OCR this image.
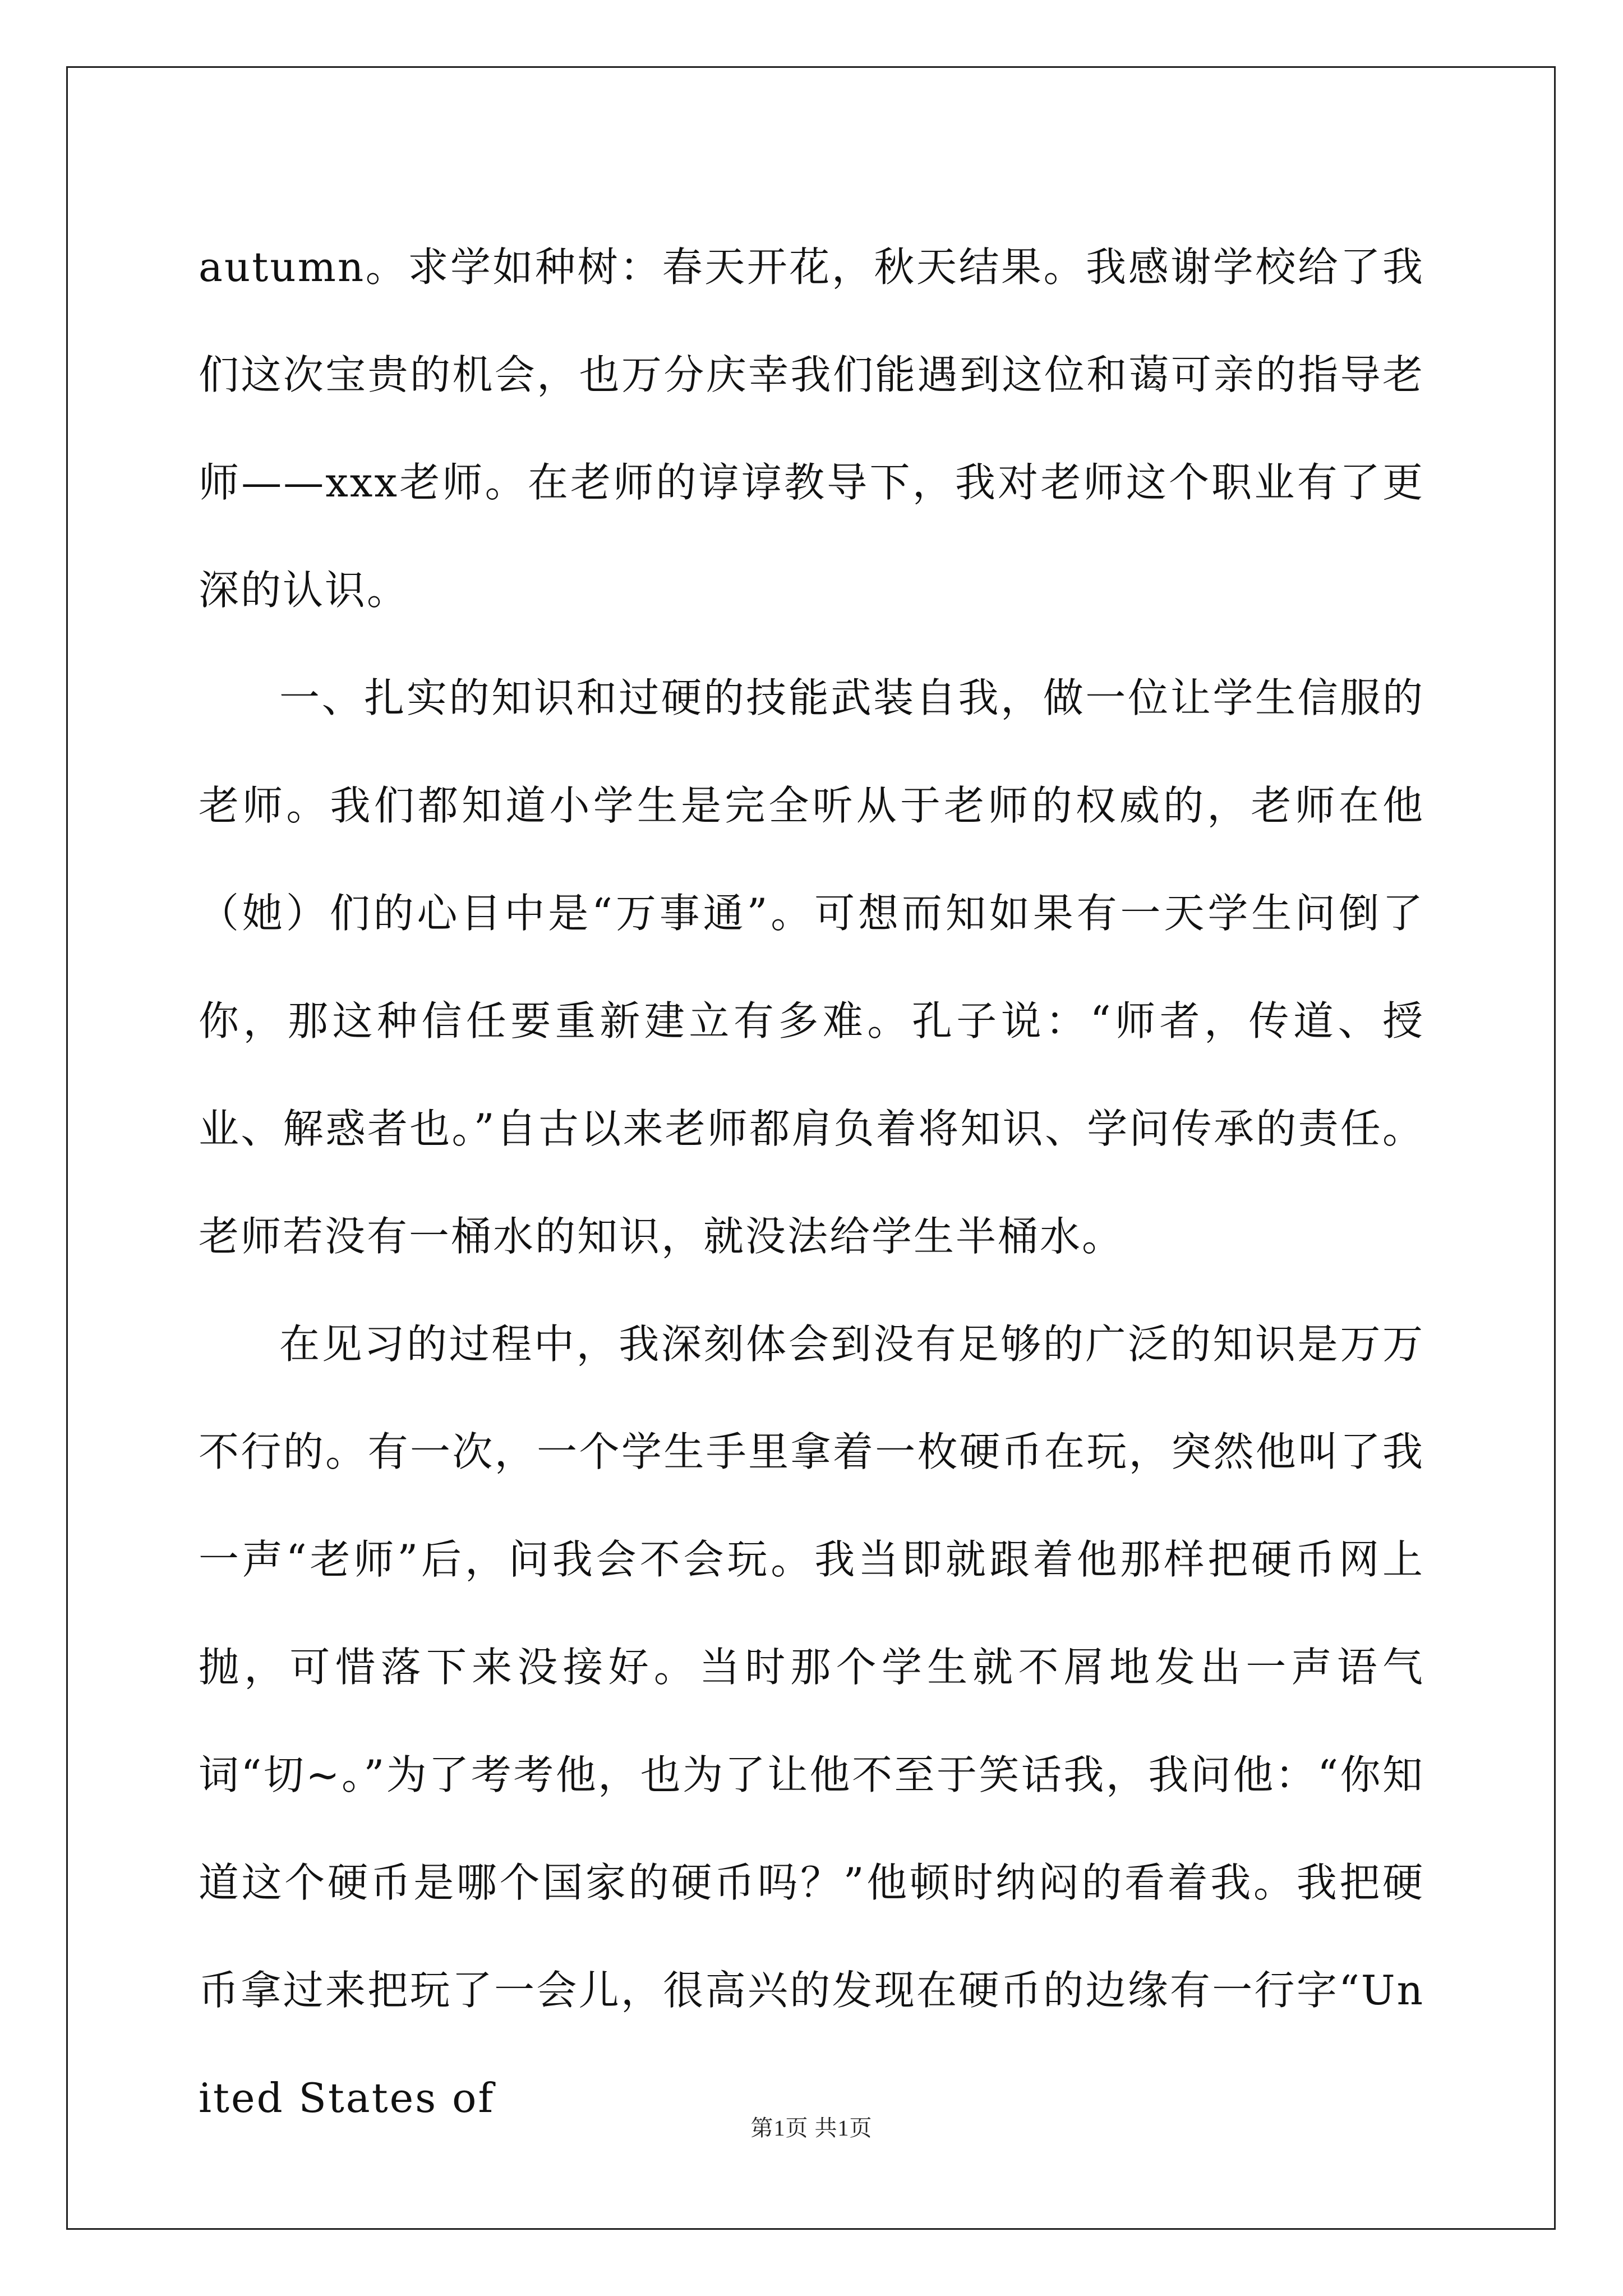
autumn。求学如种树：春天开花，秋天结果。我感谢学校给了我们这次宝贵的机会，也万分庆幸我们能遇到这位和蔼可亲的指导老师——xxx老师。在老师的谆谆教导下，我对老师这个职业有了更深的认识。

一、扎实的知识和过硬的技能武装自我，做一位让学生信服的老师。我们都知道小学生是完全听从于老师的权威的，老师在他（她）们的心目中是“万事通”。可想而知如果有一天学生问倒了你，那这种信任要重新建立有多难。孔子说：“师者，传道、授业、解惑者也。”自古以来老师都肩负着将知识、学问传承的责任。老师若没有一桶水的知识，就没法给学生半桶水。

在见习的过程中，我深刻体会到没有足够的广泛的知识是万万不行的。有一次，一个学生手里拿着一枚硬币在玩，突然他叫了我一声“老师”后，问我会不会玩。我当即就跟着他那样把硬币网上抛，可惜落下来没接好。当时那个学生就不屑地发出一声语气词“切~。”为了考考他，也为了让他不至于笑话我，我问他：“你知道这个硬币是哪个国家的硬币吗？”他顿时纳闷的看着我。我把硬币拿过来把玩了一会儿，很高兴的发现在硬币的边缘有一行字“United States of

第1页 共1页
